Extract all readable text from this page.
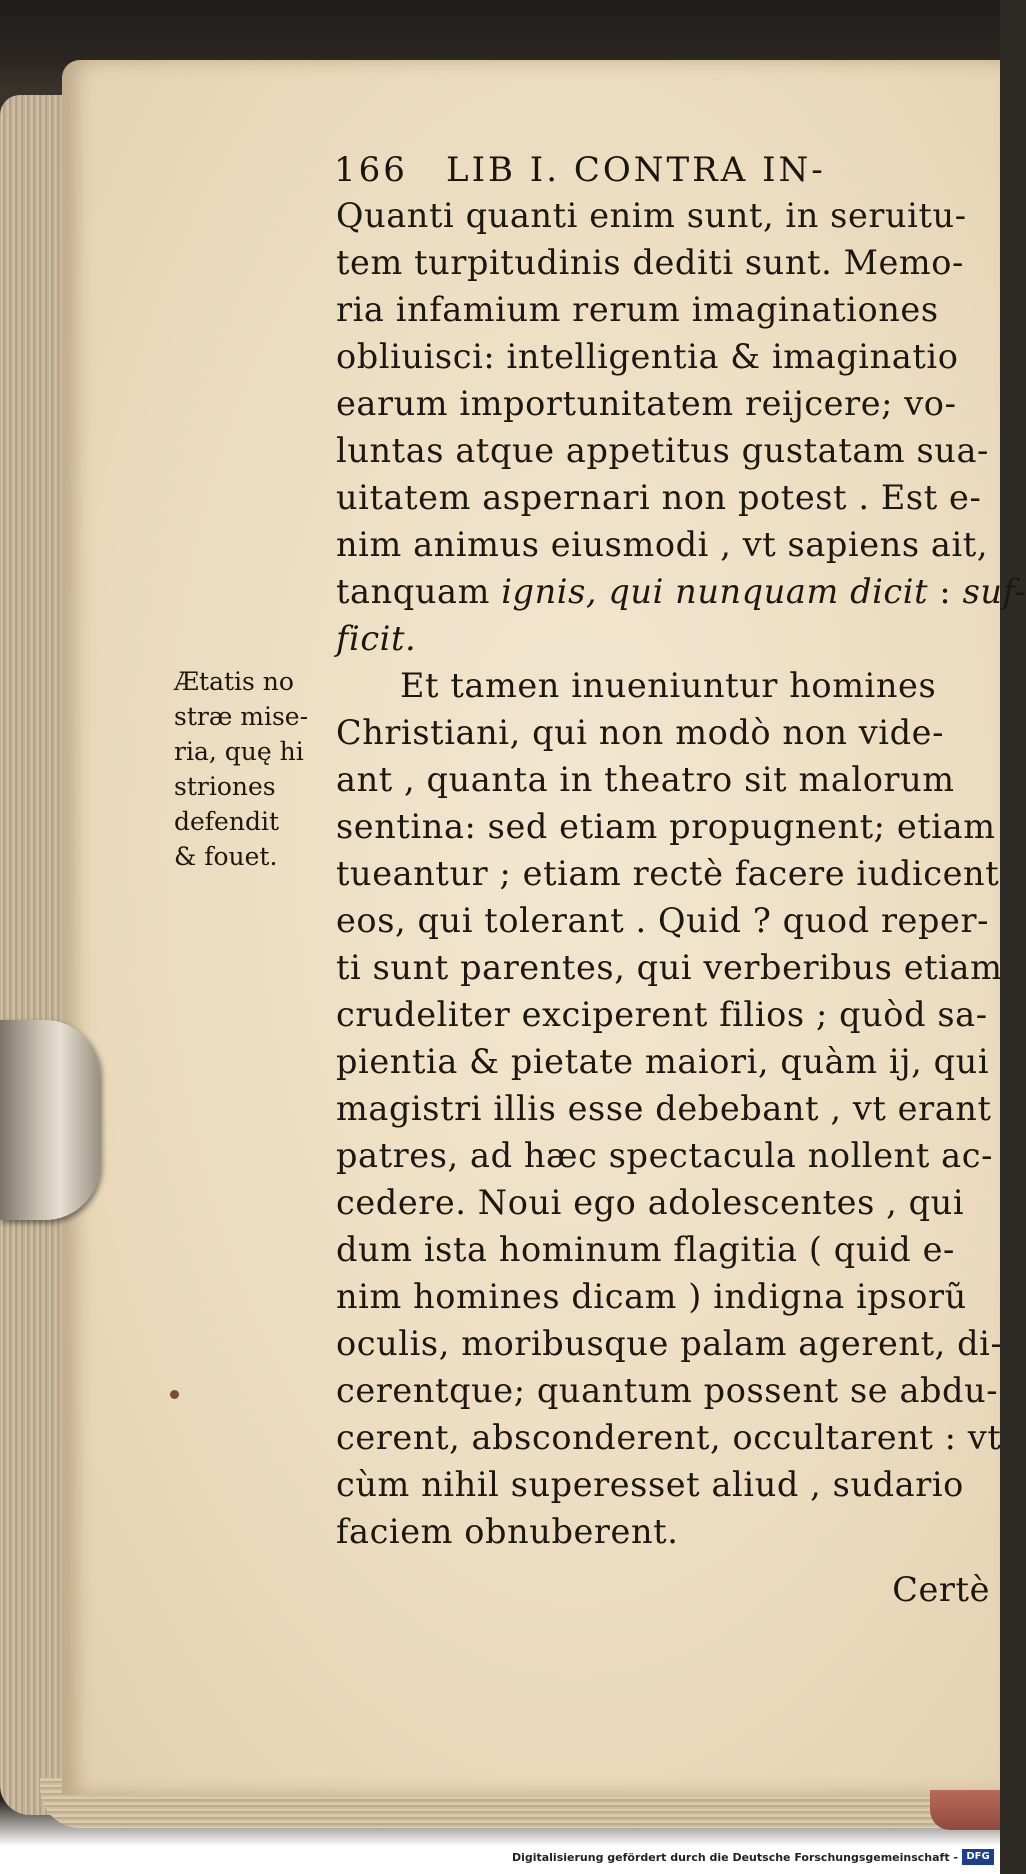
166 LIB I. CONTRA IN-
Quanti quanti enim sunt, in seruitu-
tem turpitudinis dediti sunt. Memo-
ria infamium rerum imaginationes
obliuisci: intelligentia & imaginatio
earum importunitatem reijcere; vo-
luntas atque appetitus gustatam sua-
uitatem aspernari non potest . Est e-
nim animus eiusmodi , vt sapiens ait,
tanquam ignis, qui nunquam dicit : suf-
ficit.
Et tamen inueniuntur homines
Christiani, qui non modò non vide-
ant , quanta in theatro sit malorum
sentina: sed etiam propugnent; etiam
tueantur ; etiam rectè facere iudicent
eos, qui tolerant . Quid ? quod reper-
ti sunt parentes, qui verberibus etiam
crudeliter exciperent filios ; quòd sa-
pientia & pietate maiori, quàm ij, qui
magistri illis esse debebant , vt erant
patres, ad hæc spectacula nollent ac-
cedere. Noui ego adolescentes , qui
dum ista hominum flagitia ( quid e-
nim homines dicam ) indigna ipsorũ
oculis, moribusque palam agerent, di-
cerentque; quantum possent se abdu-
cerent, absconderent, occultarent : vt
cùm nihil superesset aliud , sudario
faciem obnuberent.
Certè
Ætatis no
stræ mise-
ria, quę hi
striones
defendit
& fouet.
Digitalisierung gefördert durch die Deutsche Forschungsgemeinschaft - DFG
